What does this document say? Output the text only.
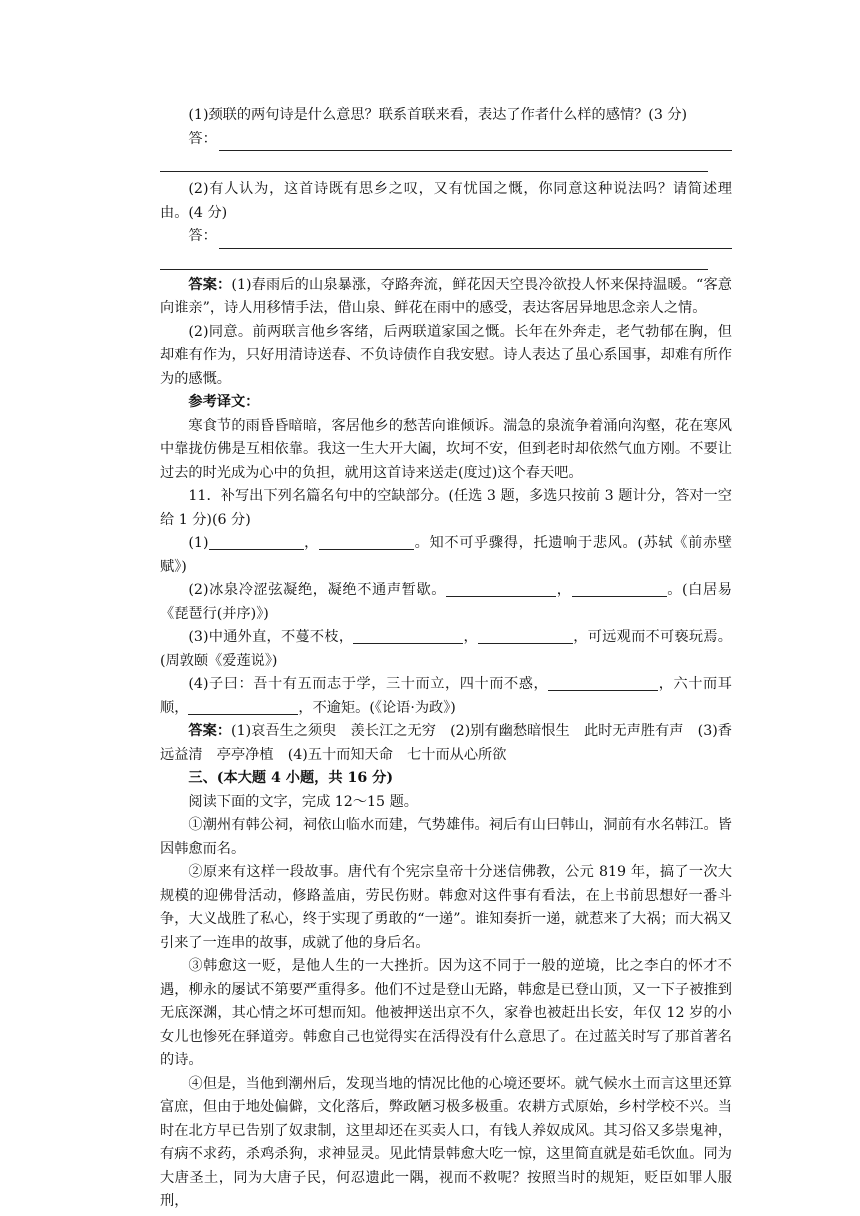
(1)颈联的两句诗是什么意思？联系首联来看，表达了作者什么样的感情？(3 分)

答：

(2)有人认为，这首诗既有思乡之叹，又有忧国之慨，你同意这种说法吗？请简述理由。(4 分)

答：

答案：(1)春雨后的山泉暴涨，夺路奔流，鲜花因天空畏冷欲投人怀来保持温暖。“客意向谁亲”，诗人用移情手法，借山泉、鲜花在雨中的感受，表达客居异地思念亲人之情。

(2)同意。前两联言他乡客绪，后两联道家国之慨。长年在外奔走，老气勃郁在胸，但却难有作为，只好用清诗送春、不负诗债作自我安慰。诗人表达了虽心系国事，却难有所作为的感慨。

参考译文：

寒食节的雨昏昏暗暗，客居他乡的愁苦向谁倾诉。湍急的泉流争着涌向沟壑，花在寒风中靠拢仿佛是互相依靠。我这一生大开大阖，坎坷不安，但到老时却依然气血方刚。不要让过去的时光成为心中的负担，就用这首诗来送走(度过)这个春天吧。

11．补写出下列名篇名句中的空缺部分。(任选 3 题，多选只按前 3 题计分，答对一空给 1 分)(6 分)

(1)	，	。知不可乎骤得，托遗响于悲风。(苏轼《前赤壁赋》)

(2)冰泉冷涩弦凝绝，凝绝不通声暂歇。	，	。(白居易《琵琶行(并序)》)

(3)中通外直，不蔓不枝，	，	，可远观而不可亵玩焉。(周敦颐《爱莲说》)

(4)子曰：吾十有五而志于学，三十而立，四十而不惑，	，六十而耳顺，	，不逾矩。(《论语·为政》)

答案：(1)哀吾生之须臾　羡长江之无穷　(2)别有幽愁暗恨生　此时无声胜有声　(3)香远益清　亭亭净植　(4)五十而知天命　七十而从心所欲

三、(本大题 4 小题，共 16 分)

阅读下面的文字，完成 12～15 题。

①潮州有韩公祠，祠依山临水而建，气势雄伟。祠后有山曰韩山，洞前有水名韩江。皆因韩愈而名。

②原来有这样一段故事。唐代有个宪宗皇帝十分迷信佛教，公元 819 年，搞了一次大规模的迎佛骨活动，修路盖庙，劳民伤财。韩愈对这件事有看法，在上书前思想好一番斗争，大义战胜了私心，终于实现了勇敢的“一递”。谁知奏折一递，就惹来了大祸；而大祸又引来了一连串的故事，成就了他的身后名。

③韩愈这一贬，是他人生的一大挫折。因为这不同于一般的逆境，比之李白的怀才不遇，柳永的屡试不第要严重得多。他们不过是登山无路，韩愈是已登山顶，又一下子被推到无底深渊，其心情之坏可想而知。他被押送出京不久，家眷也被赶出长安，年仅 12 岁的小女儿也惨死在驿道旁。韩愈自己也觉得实在活得没有什么意思了。在过蓝关时写了那首著名的诗。

④但是，当他到潮州后，发现当地的情况比他的心境还要坏。就气候水土而言这里还算富庶，但由于地处偏僻，文化落后，弊政陋习极多极重。农耕方式原始，乡村学校不兴。当时在北方早已告别了奴隶制，这里却还在买卖人口，有钱人养奴成风。其习俗又多崇鬼神，有病不求药，杀鸡杀狗，求神显灵。见此情景韩愈大吃一惊，这里简直就是茹毛饮血。同为大唐圣土，同为大唐子民，何忍遗此一隅，视而不救呢？按照当时的规矩，贬臣如罪人服刑，
